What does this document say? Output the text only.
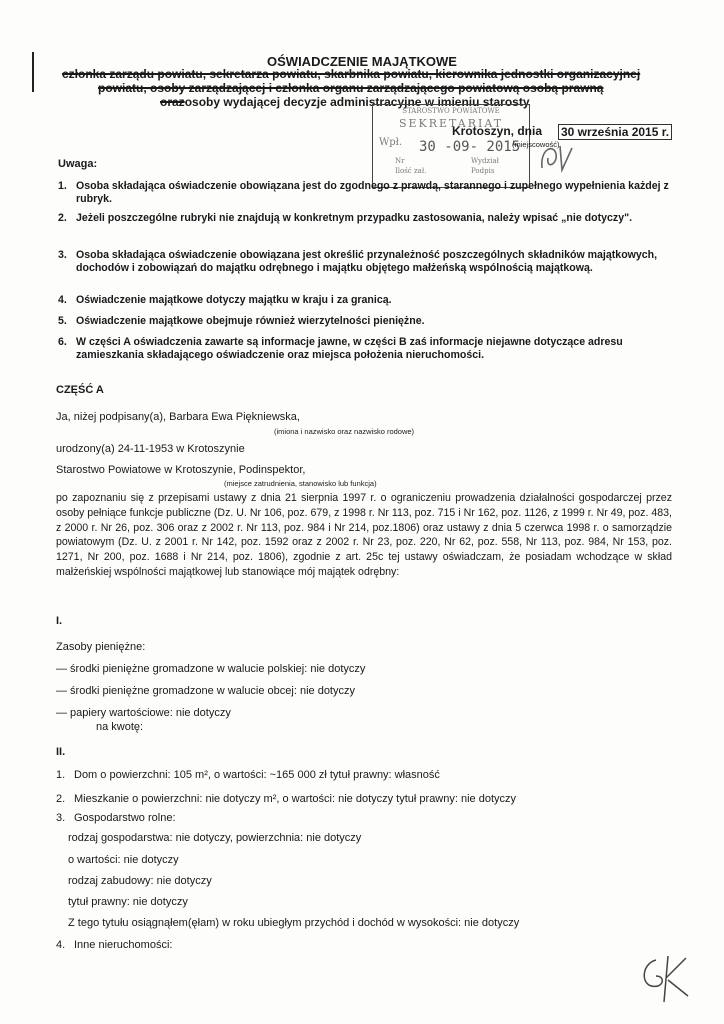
OŚWIADCZENIE MAJĄTKOWE
członka zarządu powiatu, sekretarza powiatu, skarbnika powiatu, kierownika jednostki organizacyjnej
powiatu, osoby zarządzającej i członka organu zarządzającego powiatową osobą prawną
orazosoby wydającej decyzje administracyjne w imieniu starosty
STAROSTWO POWIATOWE
SEKRETARIAT
Wpł. 30 -09- 2015
Nr	Wydział
Ilość zał.	Podpis
Krotoszyn, dnia 30 września 2015 r.
(miejscowość)
Uwaga:
1. Osoba składająca oświadczenie obowiązana jest do zgodnego z prawdą, starannego i zupełnego wypełnienia każdej z rubryk.
2. Jeżeli poszczególne rubryki nie znajdują w konkretnym przypadku zastosowania, należy wpisać „nie dotyczy".
3. Osoba składająca oświadczenie obowiązana jest określić przynależność poszczególnych składników majątkowych, dochodów i zobowiązań do majątku odrębnego i majątku objętego małżeńską wspólnością majątkową.
4. Oświadczenie majątkowe dotyczy majątku w kraju i za granicą.
5. Oświadczenie majątkowe obejmuje również wierzytelności pieniężne.
6. W części A oświadczenia zawarte są informacje jawne, w części B zaś informacje niejawne dotyczące adresu zamieszkania składającego oświadczenie oraz miejsca położenia nieruchomości.
CZĘŚĆ A
Ja, niżej podpisany(a), Barbara Ewa Piękniewska,
(imiona i nazwisko oraz nazwisko rodowe)
urodzony(a) 24-11-1953 w Krotoszynie
Starostwo Powiatowe w Krotoszynie, Podinspektor,
(miejsce zatrudnienia, stanowisko lub funkcja)
po zapoznaniu się z przepisami ustawy z dnia 21 sierpnia 1997 r. o ograniczeniu prowadzenia działalności gospodarczej przez osoby pełniące funkcje publiczne (Dz. U. Nr 106, poz. 679, z 1998 r. Nr 113, poz. 715 i Nr 162, poz. 1126, z 1999 r. Nr 49, poz. 483, z 2000 r. Nr 26, poz. 306 oraz z 2002 r. Nr 113, poz. 984 i Nr 214, poz.1806) oraz ustawy z dnia 5 czerwca 1998 r. o samorządzie powiatowym (Dz. U. z 2001 r. Nr 142, poz. 1592 oraz z 2002 r. Nr 23, poz. 220, Nr 62, poz. 558, Nr 113, poz. 984, Nr 153, poz. 1271, Nr 200, poz. 1688 i Nr 214, poz. 1806), zgodnie z art. 25c tej ustawy oświadczam, że posiadam wchodzące w skład małżeńskiej wspólności majątkowej lub stanowiące mój majątek odrębny:
I.
Zasoby pieniężne:
— środki pieniężne gromadzone w walucie polskiej: nie dotyczy
— środki pieniężne gromadzone w walucie obcej: nie dotyczy
— papiery wartościowe: nie dotyczy
na kwotę:
II.
1. Dom o powierzchni: 105 m², o wartości: ~165 000 zł tytuł prawny: własność
2. Mieszkanie o powierzchni: nie dotyczy m², o wartości: nie dotyczy tytuł prawny: nie dotyczy
3. Gospodarstwo rolne:
rodzaj gospodarstwa: nie dotyczy, powierzchnia: nie dotyczy
o wartości: nie dotyczy
rodzaj zabudowy: nie dotyczy
tytuł prawny: nie dotyczy
Z tego tytułu osiągnąłem(ęłam) w roku ubiegłym przychód i dochód w wysokości: nie dotyczy
4. Inne nieruchomości:
